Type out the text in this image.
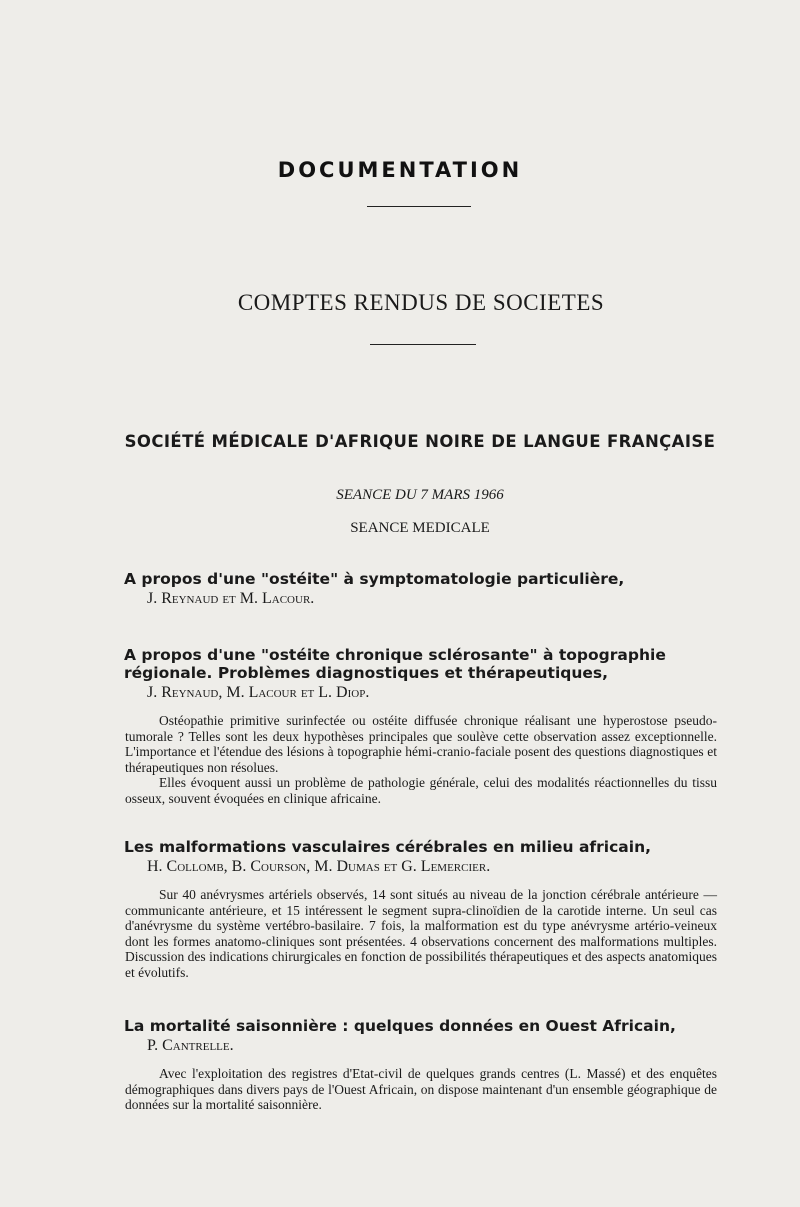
DOCUMENTATION
COMPTES RENDUS DE SOCIETES
SOCIÉTÉ MÉDICALE D'AFRIQUE NOIRE DE LANGUE FRANÇAISE
SEANCE DU 7 MARS 1966
SEANCE MEDICALE
A propos d'une "ostéite" à symptomatologie particulière,
J. Reynaud et M. Lacour.
A propos d'une "ostéite chronique sclérosante" à topographie régionale. Problèmes diagnostiques et thérapeutiques,
J. Reynaud, M. Lacour et L. Diop.

Ostéopathie primitive surinfectée ou ostéite diffusée chronique réalisant une hyperostose pseudo-tumorale ? Telles sont les deux hypothèses principales que soulève cette observation assez exceptionnelle. L'importance et l'étendue des lésions à topographie hémi-cranio-faciale posent des questions diagnostiques et thérapeutiques non résolues.

Elles évoquent aussi un problème de pathologie générale, celui des modalités réactionnelles du tissu osseux, souvent évoquées en clinique africaine.

Les malformations vasculaires cérébrales en milieu africain,
H. Collomb, B. Courson, M. Dumas et G. Lemercier.

Sur 40 anévrysmes artériels observés, 14 sont situés au niveau de la jonction cérébrale antérieure — communicante antérieure, et 15 intéressent le segment supra-clinoïdien de la carotide interne. Un seul cas d'anévrysme du système vertébro-basilaire. 7 fois, la malformation est du type anévrysme artério-veineux dont les formes anatomo-cliniques sont présentées. 4 observations concernent des malformations multiples. Discussion des indications chirurgicales en fonction de possibilités thérapeutiques et des aspects anatomiques et évolutifs.

La mortalité saisonnière : quelques données en Ouest Africain,
P. Cantrelle.

Avec l'exploitation des registres d'Etat-civil de quelques grands centres (L. Massé) et des enquêtes démographiques dans divers pays de l'Ouest Africain, on dispose maintenant d'un ensemble géographique de données sur la mortalité saisonnière.
